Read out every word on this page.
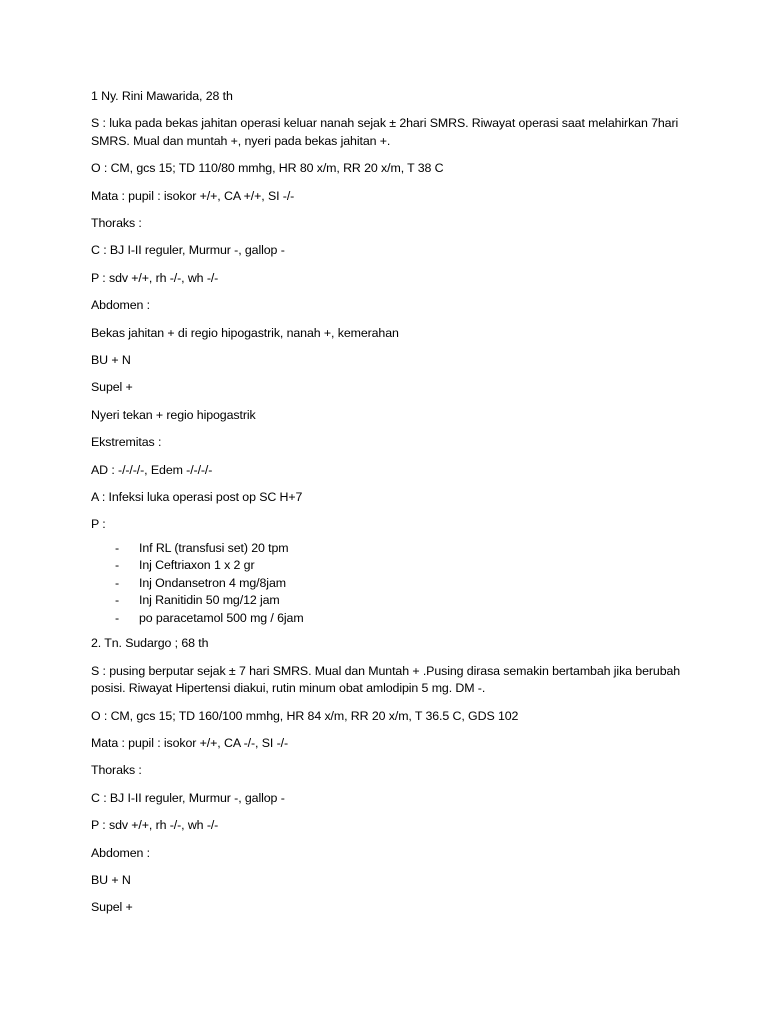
1 Ny. Rini Mawarida, 28 th

S : luka pada bekas jahitan operasi keluar nanah sejak ± 2hari SMRS. Riwayat operasi saat melahirkan 7hari SMRS. Mual dan muntah +, nyeri pada bekas jahitan +.

O : CM, gcs 15; TD 110/80 mmhg, HR 80 x/m, RR 20 x/m, T 38 C

Mata : pupil : isokor +/+, CA +/+, SI -/-

Thoraks :

C : BJ I-II reguler, Murmur -, gallop -

P : sdv +/+, rh -/-, wh -/-

Abdomen :

Bekas jahitan + di regio hipogastrik, nanah +, kemerahan

BU + N

Supel +

Nyeri tekan + regio hipogastrik

Ekstremitas :

AD : -/-/-/-, Edem -/-/-/-

A : Infeksi luka operasi post op SC H+7

P :

- Inf RL (transfusi set) 20 tpm
- Inj Ceftriaxon 1 x 2 gr
- Inj Ondansetron 4 mg/8jam
- Inj Ranitidin 50 mg/12 jam
- po paracetamol 500 mg / 6jam

2. Tn. Sudargo ; 68 th

S : pusing berputar sejak ± 7 hari SMRS. Mual dan Muntah + .Pusing dirasa semakin bertambah jika berubah posisi. Riwayat Hipertensi diakui, rutin minum obat amlodipin 5 mg. DM -.

O : CM, gcs 15; TD 160/100 mmhg, HR 84 x/m, RR 20 x/m, T 36.5 C, GDS 102

Mata : pupil : isokor +/+, CA -/-, SI -/-

Thoraks :

C : BJ I-II reguler, Murmur -, gallop -

P : sdv +/+, rh -/-, wh -/-

Abdomen :

BU + N

Supel +
